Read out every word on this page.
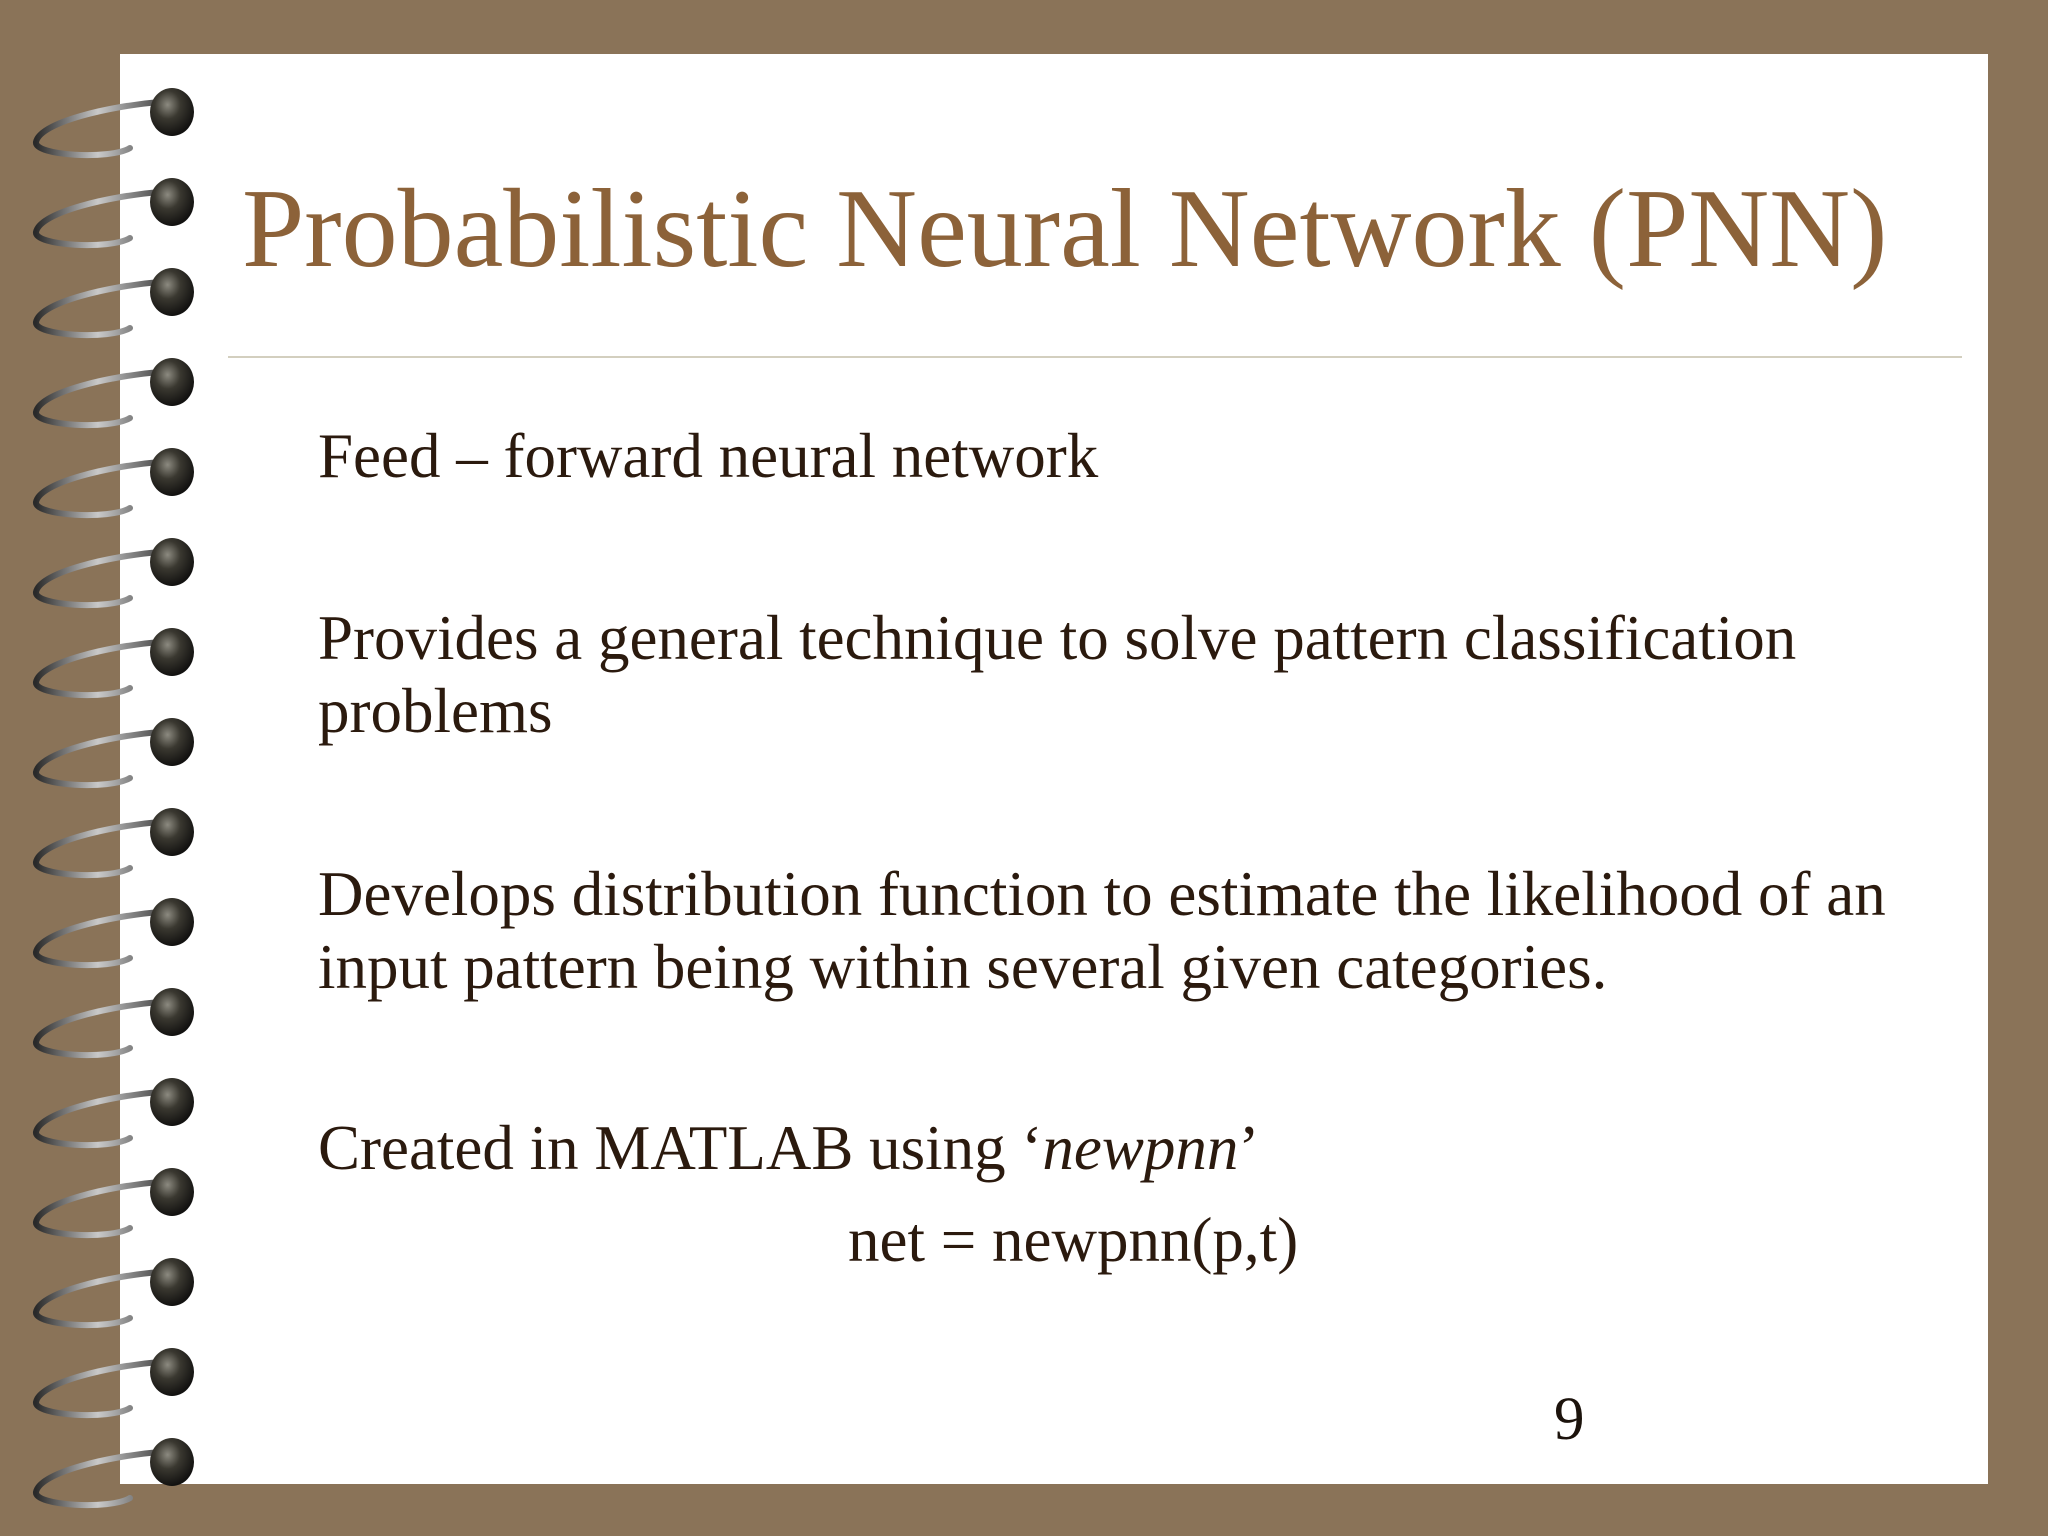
Probabilistic Neural Network (PNN)

Feed – forward neural network

Provides a general technique to solve pattern classification problems

Develops distribution function to estimate the likelihood of an input pattern being within several given categories.

Created in MATLAB using ‘newpnn’

net = newpnn(p,t)

9
